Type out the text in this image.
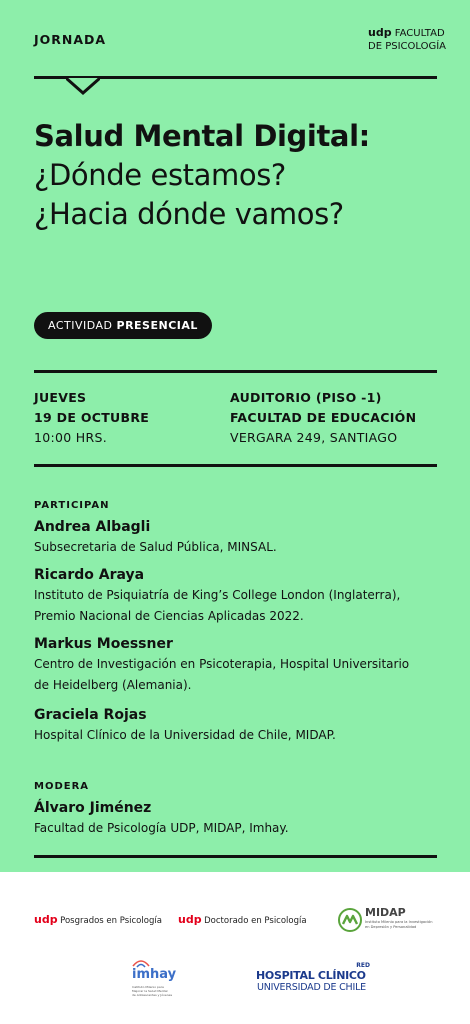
JORNADA	udp FACULTAD
DE PSICOLOGÍA
Salud Mental Digital:
¿Dónde estamos?
¿Hacia dónde vamos?
ACTIVIDAD PRESENCIAL
JUEVES
19 DE OCTUBRE
10:00 HRS.
AUDITORIO (PISO -1)
FACULTAD DE EDUCACIÓN
VERGARA 249, SANTIAGO
PARTICIPAN
Andrea Albagli
Subsecretaria de Salud Pública, MINSAL.
Ricardo Araya
Instituto de Psiquiatría de King’s College London (Inglaterra),
Premio Nacional de Ciencias Aplicadas 2022.
Markus Moessner
Centro de Investigación en Psicoterapia, Hospital Universitario
de Heidelberg (Alemania).
Graciela Rojas
Hospital Clínico de la Universidad de Chile, MIDAP.
MODERA
Álvaro Jiménez
Facultad de Psicología UDP, MIDAP, Imhay.
udp Posgrados en Psicología udp Doctorado en Psicología
MIDAP
Instituto Milenio para la Investigación
en Depresión y Personalidad
imhay
Instituto Milenio para
Mejorar la Salud Mental
de Adolescentes y Jóvenes
RED
HOSPITAL CLÍNICO
UNIVERSIDAD DE CHILE
